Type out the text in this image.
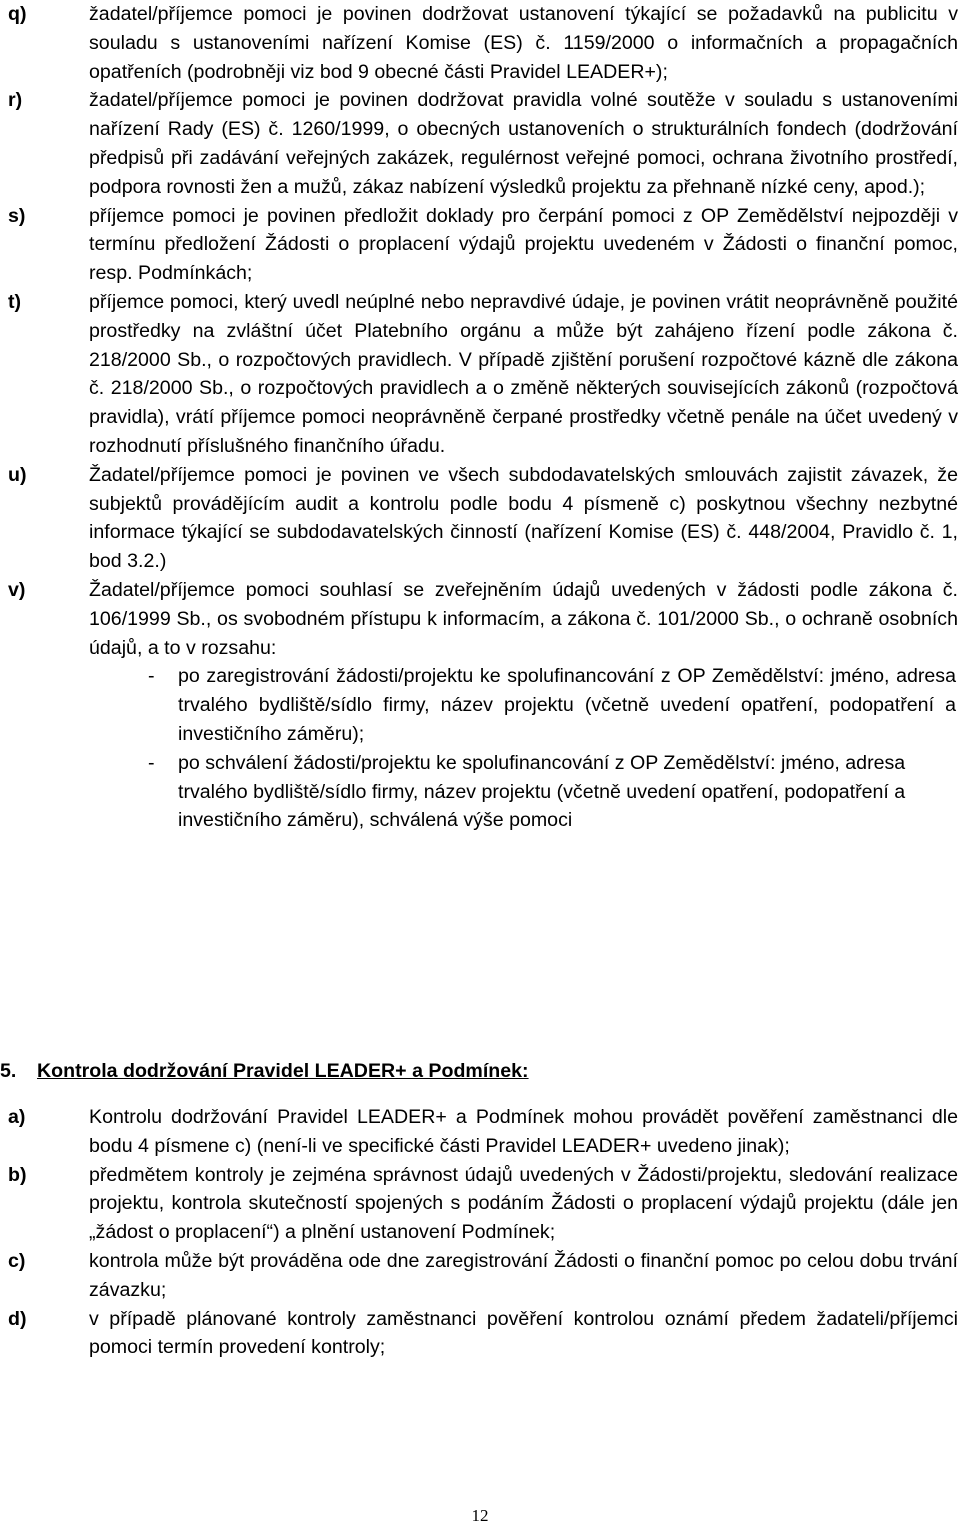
q)	žadatel/příjemce pomoci je povinen dodržovat ustanovení týkající se požadavků na publicitu v souladu s ustanoveními nařízení Komise (ES) č. 1159/2000 o informačních a propagačních opatřeních (podrobněji viz bod 9 obecné části Pravidel LEADER+);
r)	žadatel/příjemce pomoci je povinen dodržovat pravidla volné soutěže v souladu s ustanoveními nařízení Rady (ES) č. 1260/1999, o obecných ustanoveních o strukturálních fondech (dodržování předpisů při zadávání veřejných zakázek, regulérnost veřejné pomoci, ochrana životního prostředí, podpora rovnosti žen a mužů, zákaz nabízení výsledků projektu za přehnaně nízké ceny, apod.);
s)	příjemce pomoci je povinen předložit doklady pro čerpání pomoci z OP Zemědělství nejpozději v termínu předložení Žádosti o proplacení výdajů projektu uvedeném v Žádosti o finanční pomoc, resp. Podmínkách;
t)	příjemce pomoci, který uvedl neúplné nebo nepravdivé údaje, je povinen vrátit neoprávněně použité prostředky na zvláštní účet Platebního orgánu a může být zahájeno řízení podle zákona č. 218/2000 Sb., o rozpočtových pravidlech. V případě zjištění porušení rozpočtové kázně dle zákona č. 218/2000 Sb., o rozpočtových pravidlech a o změně některých souvisejících zákonů (rozpočtová pravidla), vrátí příjemce pomoci neoprávněně čerpané prostředky včetně penále na účet uvedený v rozhodnutí příslušného finančního úřadu.
u)	Žadatel/příjemce pomoci je povinen ve všech subdodavatelských smlouvách zajistit závazek, že subjektů provádějícím audit a kontrolu podle bodu 4 písmeně c) poskytnou všechny nezbytné informace týkající se subdodavatelských činností (nařízení Komise (ES) č. 448/2004, Pravidlo č. 1, bod 3.2.)
v)	Žadatel/příjemce pomoci souhlasí se zveřejněním údajů uvedených v žádosti podle zákona č. 106/1999 Sb., os svobodném přístupu k informacím, a zákona č. 101/2000 Sb., o ochraně osobních údajů, a to v rozsahu:
-	po zaregistrování žádosti/projektu ke spolufinancování z OP Zemědělství: jméno, adresa trvalého bydliště/sídlo firmy, název projektu (včetně uvedení opatření, podopatření a investičního záměru);
-	po schválení žádosti/projektu ke spolufinancování z OP Zemědělství: jméno, adresa trvalého bydliště/sídlo firmy, název projektu (včetně uvedení opatření, podopatření a investičního záměru), schválená výše pomoci
5.	Kontrola dodržování Pravidel LEADER+ a Podmínek:
a)	Kontrolu dodržování Pravidel LEADER+ a Podmínek mohou provádět pověření zaměstnanci dle bodu 4 písmene c) (není-li ve specifické části Pravidel LEADER+ uvedeno jinak);
b)	předmětem kontroly je zejména správnost údajů uvedených v Žádosti/projektu, sledování realizace projektu, kontrola skutečností spojených s podáním Žádosti o proplacení výdajů projektu (dále jen „žádost o proplacení“) a plnění ustanovení Podmínek;
c)	kontrola může být prováděna ode dne zaregistrování Žádosti o finanční pomoc po celou dobu trvání závazku;
d)	v případě plánované kontroly zaměstnanci pověření kontrolou oznámí předem žadateli/příjemci pomoci termín provedení kontroly;
12
